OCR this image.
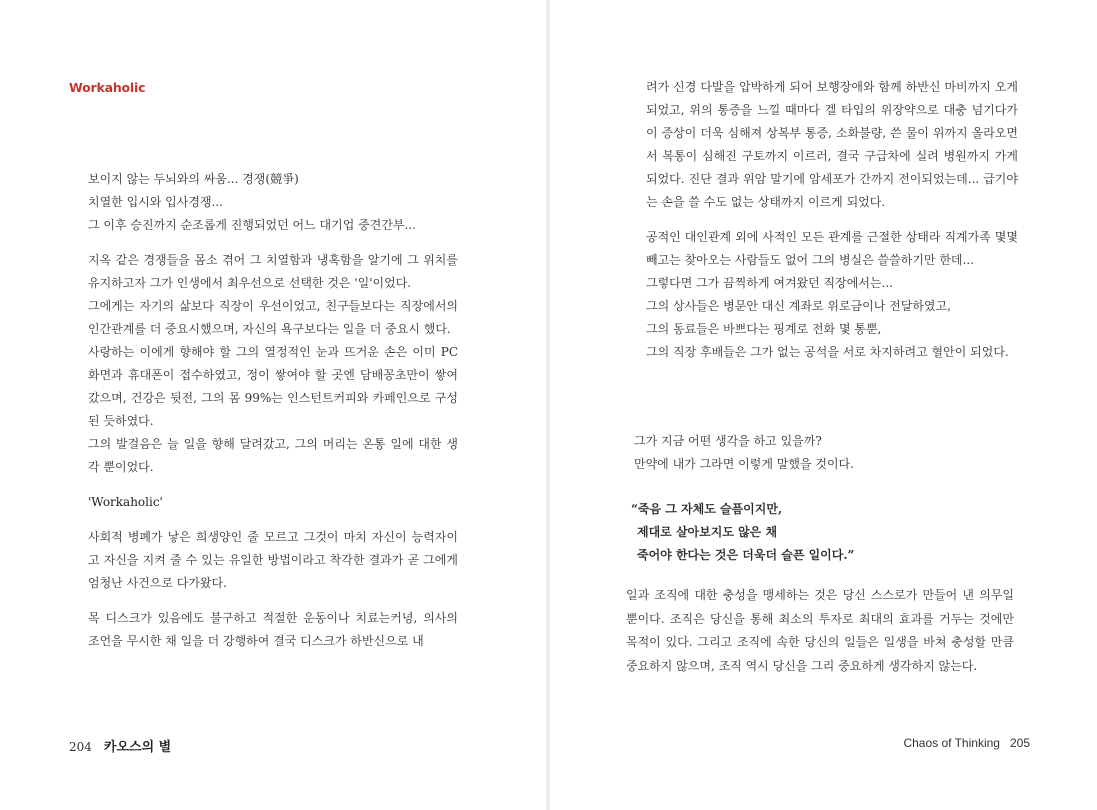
Workaholic

보이지 않는 두뇌와의 싸움... 경쟁(競爭)

치열한 입시와 입사경쟁...

그 이후 승진까지 순조롭게 진행되었던 어느 대기업 중견간부...

지옥 같은 경쟁들을 몸소 겪어 그 치열함과 냉혹함을 알기에 그 위치를 유지하고자 그가 인생에서 최우선으로 선택한 것은 '일'이었다.

그에게는 자기의 삶보다 직장이 우선이었고, 친구들보다는 직장에서의 인간관계를 더 중요시했으며, 자신의 욕구보다는 일을 더 중요시 했다.

사랑하는 이에게 향해야 할 그의 열정적인 눈과 뜨거운 손은 이미 PC 화면과 휴대폰이 접수하였고, 정이 쌓여야 할 곳엔 담배꽁초만이 쌓여갔으며, 건강은 뒷전, 그의 몸 99%는 인스턴트커피와 카페인으로 구성된 듯하였다.

그의 발걸음은 늘 일을 향해 달려갔고, 그의 머리는 온통 일에 대한 생각 뿐이었다.

'Workaholic'

사회적 병폐가 낳은 희생양인 줄 모르고 그것이 마치 자신이 능력자이고 자신을 지켜 줄 수 있는 유일한 방법이라고 착각한 결과가 곧 그에게 엄청난 사건으로 다가왔다.

목 디스크가 있음에도 불구하고 적절한 운동이나 치료는커녕, 의사의 조언을 무시한 채 일을 더 강행하여 결국 디스크가 하반신으로 내

려가 신경 다발을 압박하게 되어 보행장애와 함께 하반신 마비까지 오게 되었고, 위의 통증을 느낄 때마다 겔 타입의 위장약으로 대충 넘기다가 이 증상이 더욱 심해져 상복부 통증, 소화불량, 쓴 물이 위까지 올라오면서 복통이 심해진 구토까지 이르러, 결국 구급차에 실려 병원까지 가게 되었다. 진단 결과 위암 말기에 암세포가 간까지 전이되었는데... 급기야는 손을 쓸 수도 없는 상태까지 이르게 되었다.

공적인 대인관계 외에 사적인 모든 관계를 근절한 상태라 직계가족 몇몇 빼고는 찾아오는 사람들도 없어 그의 병실은 쓸쓸하기만 한데...

그렇다면 그가 끔찍하게 여겨왔던 직장에서는...

그의 상사들은 병문안 대신 계좌로 위로금이나 전달하였고,

그의 동료들은 바쁘다는 핑계로 전화 몇 통뿐,

그의 직장 후배들은 그가 없는 공석을 서로 차지하려고 혈안이 되었다.

그가 지금 어떤 생각을 하고 있을까?

만약에 내가 그라면 이렇게 말했을 것이다.

“죽음 그 자체도 슬픔이지만,

제대로 살아보지도 않은 채

죽어야 한다는 것은 더욱더 슬픈 일이다.”

일과 조직에 대한 충성을 맹세하는 것은 당신 스스로가 만들어 낸 의무일 뿐이다. 조직은 당신을 통해 최소의 투자로 최대의 효과를 거두는 것에만 목적이 있다. 그리고 조직에 속한 당신의 일들은 일생을 바쳐 충성할 만큼 중요하지 않으며, 조직 역시 당신을 그리 중요하게 생각하지 않는다.

204 카오스의 별	Chaos of Thinking 205
